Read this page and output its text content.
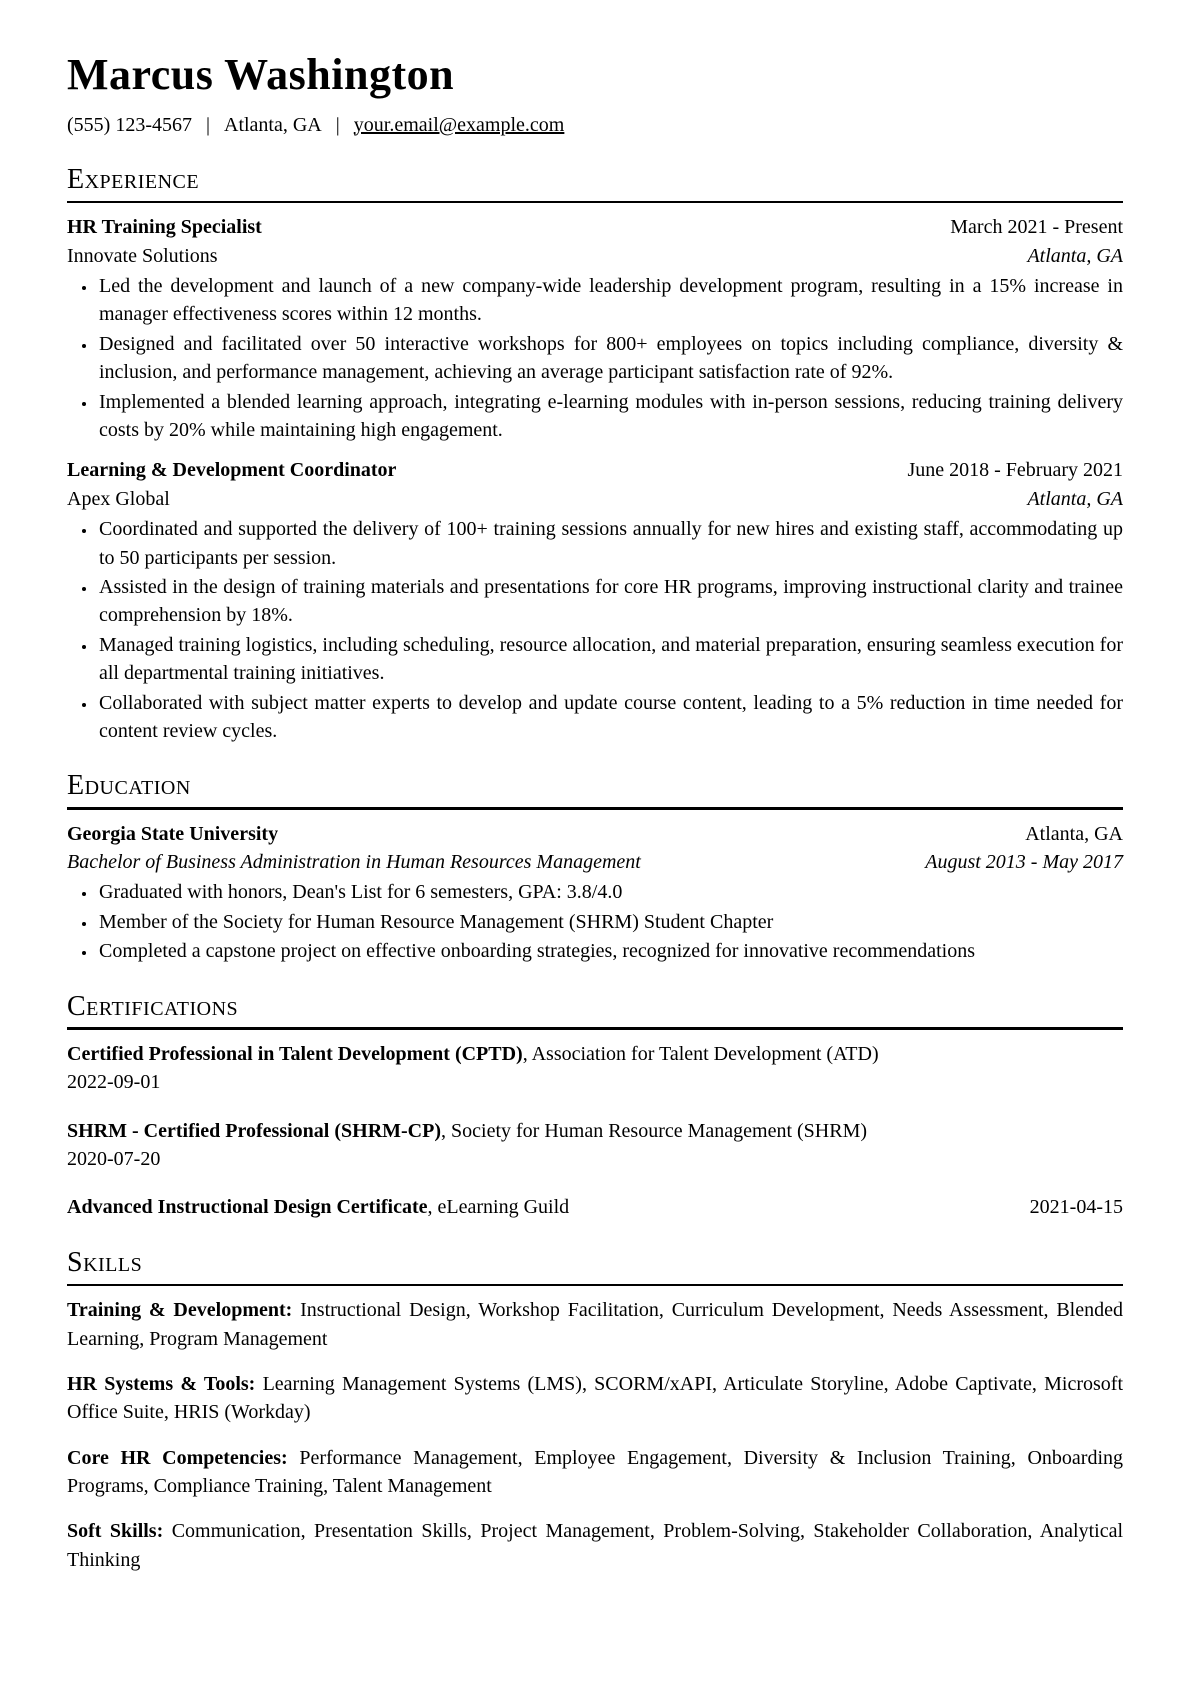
Marcus Washington
(555) 123-4567 | Atlanta, GA | your.email@example.com
Experience
HR Training Specialist	March 2021 - Present
Innovate Solutions	Atlanta, GA
• Led the development and launch of a new company-wide leadership development program, resulting in a 15% increase in manager effectiveness scores within 12 months.
• Designed and facilitated over 50 interactive workshops for 800+ employees on topics including compliance, diversity & inclusion, and performance management, achieving an average participant satisfaction rate of 92%.
• Implemented a blended learning approach, integrating e-learning modules with in-person sessions, reducing training delivery costs by 20% while maintaining high engagement.
Learning & Development Coordinator	June 2018 - February 2021
Apex Global	Atlanta, GA
• Coordinated and supported the delivery of 100+ training sessions annually for new hires and existing staff, accommodating up to 50 participants per session.
• Assisted in the design of training materials and presentations for core HR programs, improving instructional clarity and trainee comprehension by 18%.
• Managed training logistics, including scheduling, resource allocation, and material preparation, ensuring seamless execution for all departmental training initiatives.
• Collaborated with subject matter experts to develop and update course content, leading to a 5% reduction in time needed for content review cycles.
Education
Georgia State University	Atlanta, GA
Bachelor of Business Administration in Human Resources Management	August 2013 - May 2017
• Graduated with honors, Dean's List for 6 semesters, GPA: 3.8/4.0
• Member of the Society for Human Resource Management (SHRM) Student Chapter
• Completed a capstone project on effective onboarding strategies, recognized for innovative recommendations
Certifications
Certified Professional in Talent Development (CPTD), Association for Talent Development (ATD)
2022-09-01
SHRM - Certified Professional (SHRM-CP), Society for Human Resource Management (SHRM)
2020-07-20
Advanced Instructional Design Certificate, eLearning Guild	2021-04-15
Skills

Training & Development: Instructional Design, Workshop Facilitation, Curriculum Development, Needs Assessment, Blended Learning, Program Management

HR Systems & Tools: Learning Management Systems (LMS), SCORM/xAPI, Articulate Storyline, Adobe Captivate, Microsoft Office Suite, HRIS (Workday)

Core HR Competencies: Performance Management, Employee Engagement, Diversity & Inclusion Training, Onboarding Programs, Compliance Training, Talent Management

Soft Skills: Communication, Presentation Skills, Project Management, Problem-Solving, Stakeholder Collaboration, Analytical Thinking
